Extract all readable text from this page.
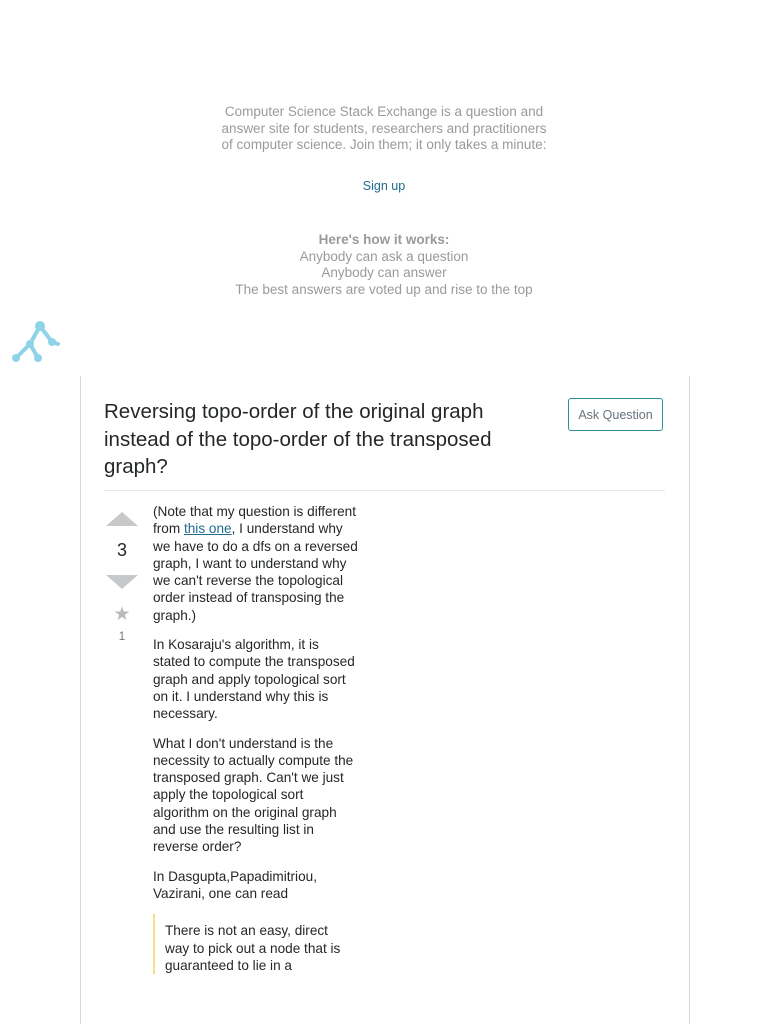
Computer Science Stack Exchange is a question and
answer site for students, researchers and practitioners
of computer science. Join them; it only takes a minute:
Sign up
Here's how it works:
Anybody can ask a question
Anybody can answer
The best answers are voted up and rise to the top
Reversing topo-order of the original graph instead of the topo-order of the transposed graph?
Ask Question
3
★
1

(Note that my question is different from this one, I understand why we have to do a dfs on a reversed graph, I want to understand why we can't reverse the topological order instead of transposing the graph.)

In Kosaraju's algorithm, it is stated to compute the transposed graph and apply topological sort on it. I understand why this is necessary.

What I don't understand is the necessity to actually compute the transposed graph. Can't we just apply the topological sort algorithm on the original graph and use the resulting list in reverse order?

In Dasgupta,Papadimitriou, Vazirani, one can read

There is not an easy, direct way to pick out a node that is guaranteed to lie in a
